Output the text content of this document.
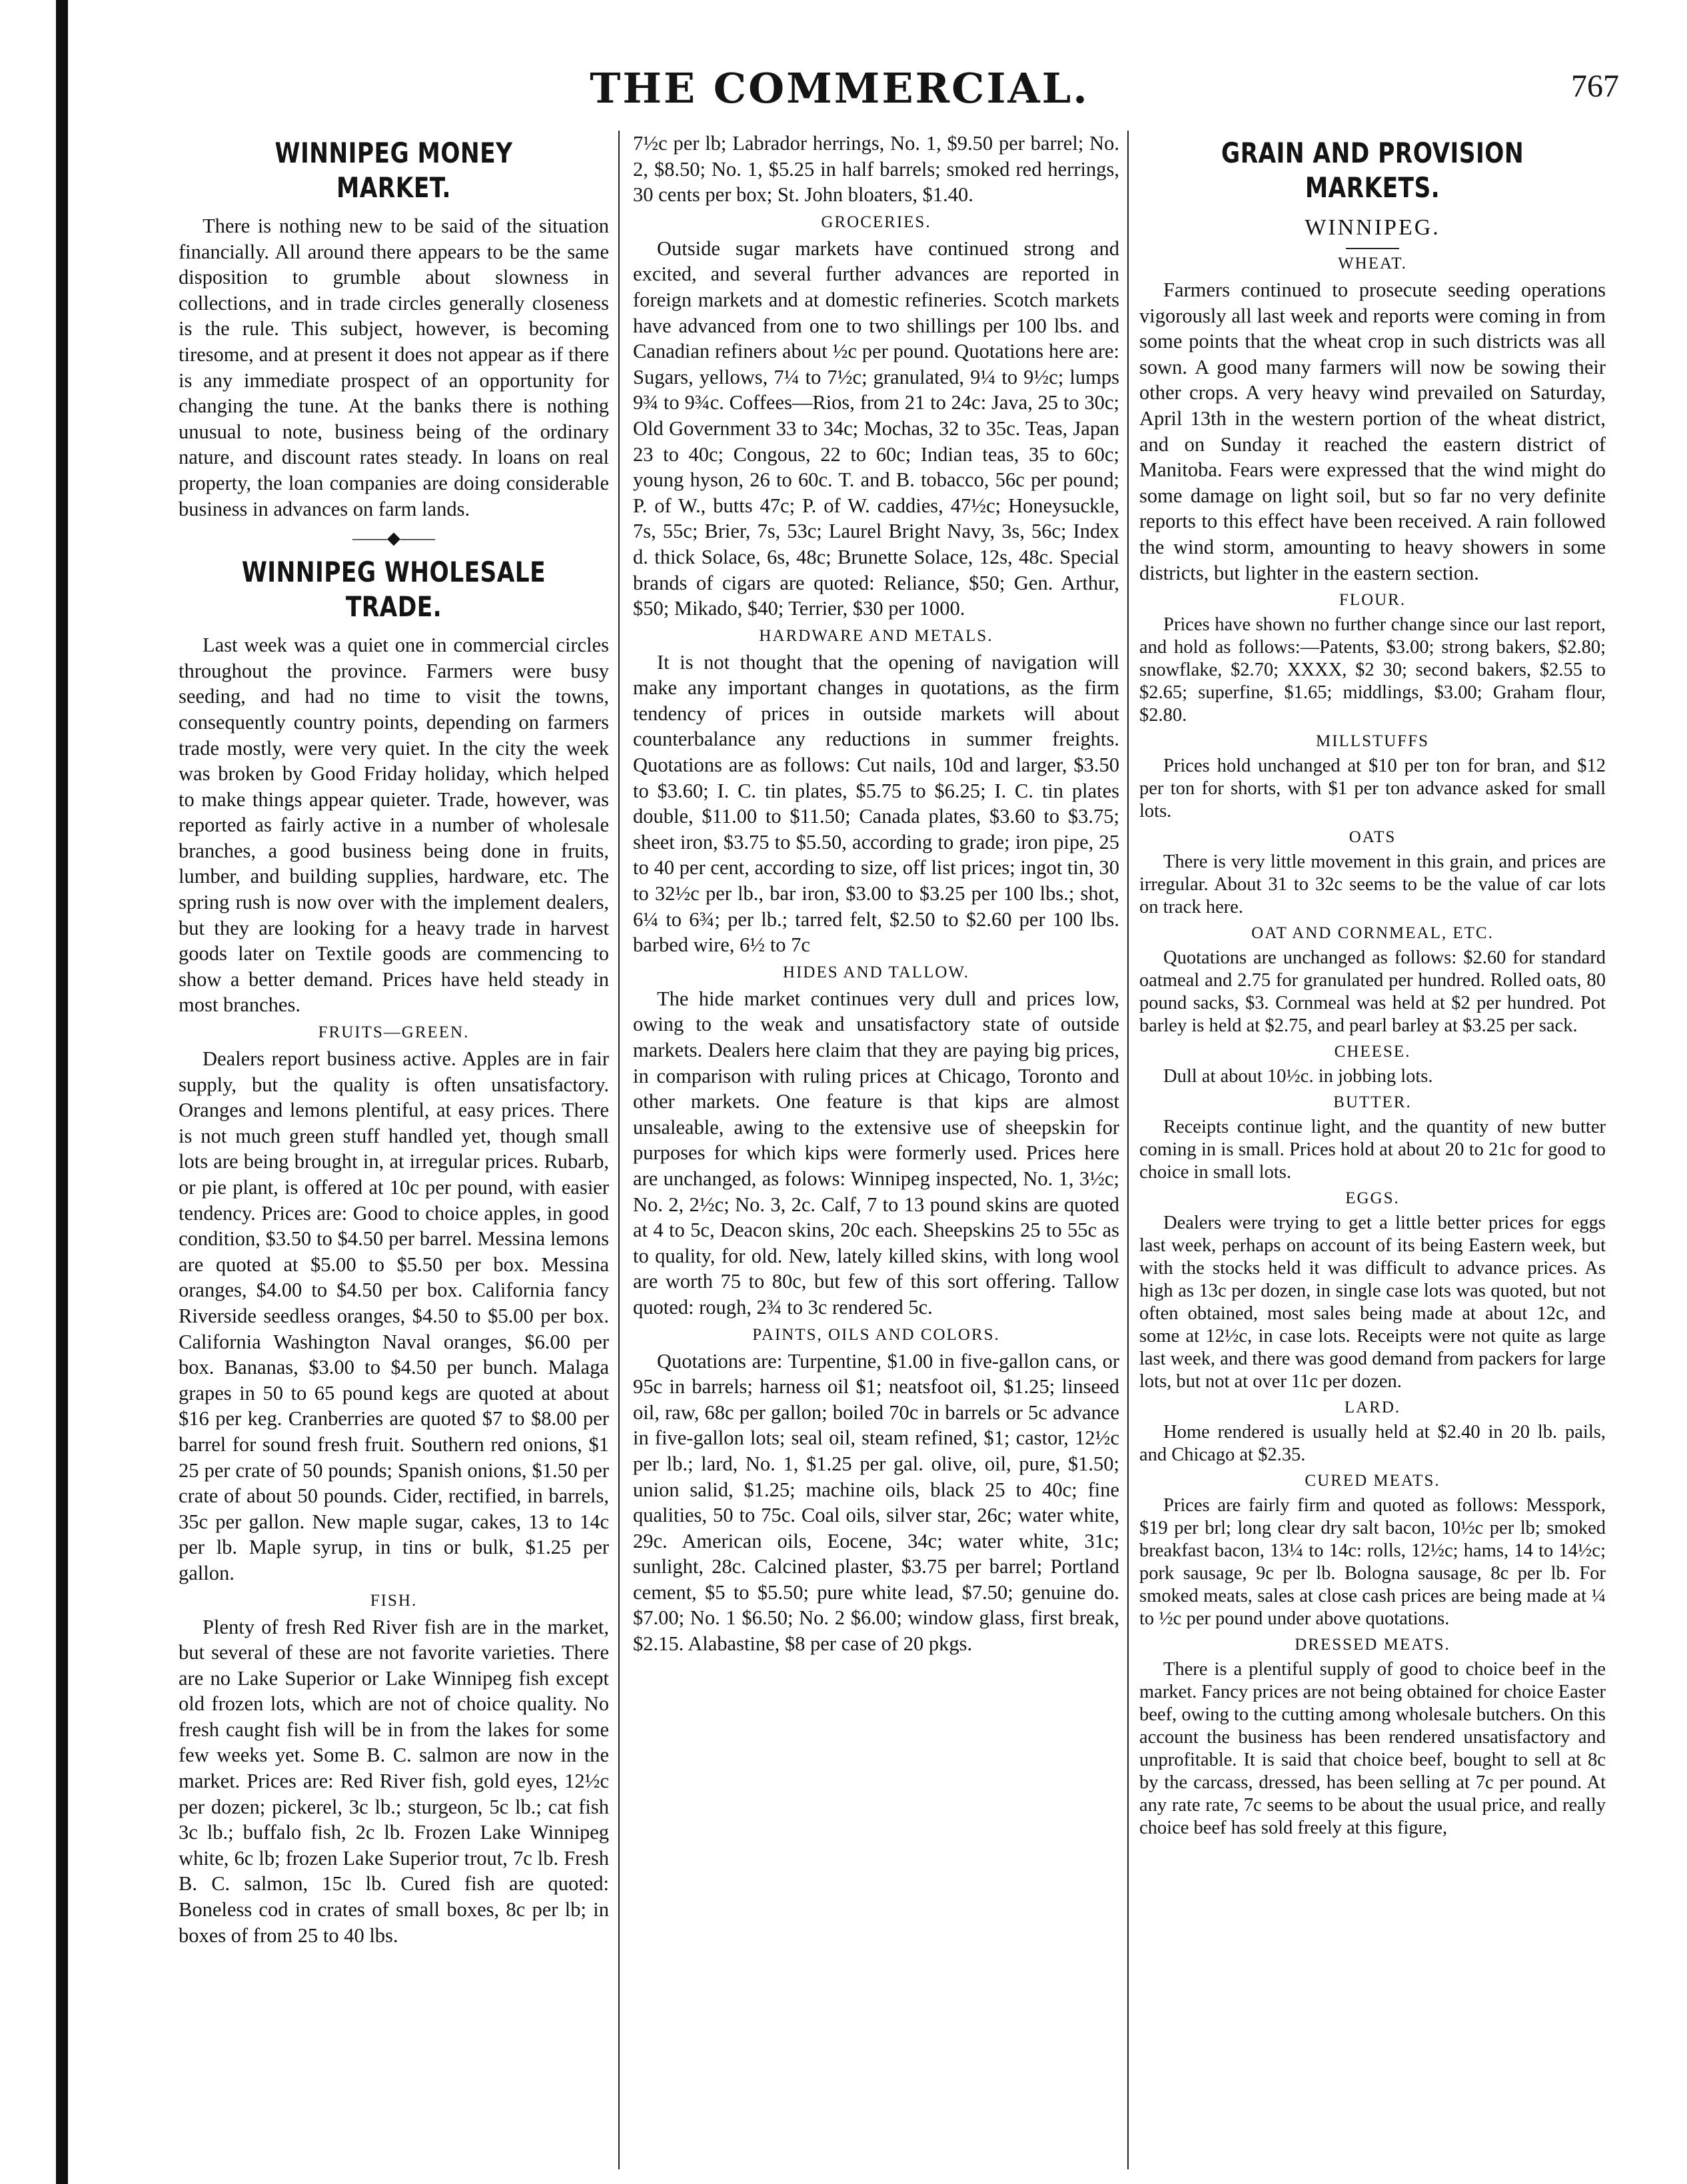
THE COMMERCIAL.	767
WINNIPEG MONEY MARKET.

There is nothing new to be said of the situation financially. All around there appears to be the same disposition to grumble about slowness in collections, and in trade circles generally closeness is the rule. This subject, however, is becoming tiresome, and at present it does not appear as if there is any immediate prospect of an opportunity for changing the tune. At the banks there is nothing unusual to note, business being of the ordinary nature, and discount rates steady. In loans on real property, the loan companies are doing considerable business in advances on farm lands.

——◆——
WINNIPEG WHOLESALE TRADE.

Last week was a quiet one in commercial circles throughout the province. Farmers were busy seeding, and had no time to visit the towns, consequently country points, depending on farmers trade mostly, were very quiet. In the city the week was broken by Good Friday holiday, which helped to make things appear quieter. Trade, however, was reported as fairly active in a number of wholesale branches, a good business being done in fruits, lumber, and building supplies, hardware, etc. The spring rush is now over with the implement dealers, but they are looking for a heavy trade in harvest goods later on Textile goods are commencing to show a better demand. Prices have held steady in most branches.

FRUITS—GREEN.

Dealers report business active. Apples are in fair supply, but the quality is often unsatisfactory. Oranges and lemons plentiful, at easy prices. There is not much green stuff handled yet, though small lots are being brought in, at irregular prices. Rubarb, or pie plant, is offered at 10c per pound, with easier tendency. Prices are: Good to choice apples, in good condition, $3.50 to $4.50 per barrel. Messina lemons are quoted at $5.00 to $5.50 per box. Messina oranges, $4.00 to $4.50 per box. California fancy Riverside seedless oranges, $4.50 to $5.00 per box. California Washington Naval oranges, $6.00 per box. Bananas, $3.00 to $4.50 per bunch. Malaga grapes in 50 to 65 pound kegs are quoted at about $16 per keg. Cranberries are quoted $7 to $8.00 per barrel for sound fresh fruit. Southern red onions, $1 25 per crate of 50 pounds; Spanish onions, $1.50 per crate of about 50 pounds. Cider, rectified, in barrels, 35c per gallon. New maple sugar, cakes, 13 to 14c per lb. Maple syrup, in tins or bulk, $1.25 per gallon.

FISH.

Plenty of fresh Red River fish are in the market, but several of these are not favorite varieties. There are no Lake Superior or Lake Winnipeg fish except old frozen lots, which are not of choice quality. No fresh caught fish will be in from the lakes for some few weeks yet. Some B. C. salmon are now in the market. Prices are: Red River fish, gold eyes, 12½c per dozen; pickerel, 3c lb.; sturgeon, 5c lb.; cat fish 3c lb.; buffalo fish, 2c lb. Frozen Lake Winnipeg white, 6c lb; frozen Lake Superior trout, 7c lb. Fresh B. C. salmon, 15c lb. Cured fish are quoted: Boneless cod in crates of small boxes, 8c per lb; in boxes of from 25 to 40 lbs.

7½c per lb; Labrador herrings, No. 1, $9.50 per barrel; No. 2, $8.50; No. 1, $5.25 in half barrels; smoked red herrings, 30 cents per box; St. John bloaters, $1.40.

GROCERIES.

Outside sugar markets have continued strong and excited, and several further advances are reported in foreign markets and at domestic refineries. Scotch markets have advanced from one to two shillings per 100 lbs. and Canadian refiners about ½c per pound. Quotations here are: Sugars, yellows, 7¼ to 7½c; granulated, 9¼ to 9½c; lumps 9¾ to 9¾c. Coffees—Rios, from 21 to 24c: Java, 25 to 30c; Old Government 33 to 34c; Mochas, 32 to 35c. Teas, Japan 23 to 40c; Congous, 22 to 60c; Indian teas, 35 to 60c; young hyson, 26 to 60c. T. and B. tobacco, 56c per pound; P. of W., butts 47c; P. of W. caddies, 47½c; Honeysuckle, 7s, 55c; Brier, 7s, 53c; Laurel Bright Navy, 3s, 56c; Index d. thick Solace, 6s, 48c; Brunette Solace, 12s, 48c. Special brands of cigars are quoted: Reliance, $50; Gen. Arthur, $50; Mikado, $40; Terrier, $30 per 1000.

HARDWARE AND METALS.

It is not thought that the opening of navigation will make any important changes in quotations, as the firm tendency of prices in outside markets will about counterbalance any reductions in summer freights. Quotations are as follows: Cut nails, 10d and larger, $3.50 to $3.60; I. C. tin plates, $5.75 to $6.25; I. C. tin plates double, $11.00 to $11.50; Canada plates, $3.60 to $3.75; sheet iron, $3.75 to $5.50, according to grade; iron pipe, 25 to 40 per cent, according to size, off list prices; ingot tin, 30 to 32½c per lb., bar iron, $3.00 to $3.25 per 100 lbs.; shot, 6¼ to 6¾; per lb.; tarred felt, $2.50 to $2.60 per 100 lbs. barbed wire, 6½ to 7c

HIDES AND TALLOW.

The hide market continues very dull and prices low, owing to the weak and unsatisfactory state of outside markets. Dealers here claim that they are paying big prices, in comparison with ruling prices at Chicago, Toronto and other markets. One feature is that kips are almost unsaleable, awing to the extensive use of sheepskin for purposes for which kips were formerly used. Prices here are unchanged, as folows: Winnipeg inspected, No. 1, 3½c; No. 2, 2½c; No. 3, 2c. Calf, 7 to 13 pound skins are quoted at 4 to 5c, Deacon skins, 20c each. Sheepskins 25 to 55c as to quality, for old. New, lately killed skins, with long wool are worth 75 to 80c, but few of this sort offering. Tallow quoted: rough, 2¾ to 3c rendered 5c.

PAINTS, OILS AND COLORS.

Quotations are: Turpentine, $1.00 in five-gallon cans, or 95c in barrels; harness oil $1; neatsfoot oil, $1.25; linseed oil, raw, 68c per gallon; boiled 70c in barrels or 5c advance in five-gallon lots; seal oil, steam refined, $1; castor, 12½c per lb.; lard, No. 1, $1.25 per gal. olive, oil, pure, $1.50; union salid, $1.25; machine oils, black 25 to 40c; fine qualities, 50 to 75c. Coal oils, silver star, 26c; water white, 29c. American oils, Eocene, 34c; water white, 31c; sunlight, 28c. Calcined plaster, $3.75 per barrel; Portland cement, $5 to $5.50; pure white lead, $7.50; genuine do. $7.00; No. 1 $6.50; No. 2 $6.00; window glass, first break, $2.15. Alabastine, $8 per case of 20 pkgs.

GRAIN AND PROVISION MARKETS.
WINNIPEG.
WHEAT.

Farmers continued to prosecute seeding operations vigorously all last week and reports were coming in from some points that the wheat crop in such districts was all sown. A good many farmers will now be sowing their other crops. A very heavy wind prevailed on Saturday, April 13th in the western portion of the wheat district, and on Sunday it reached the eastern district of Manitoba. Fears were expressed that the wind might do some damage on light soil, but so far no very definite reports to this effect have been received. A rain followed the wind storm, amounting to heavy showers in some districts, but lighter in the eastern section.

FLOUR.

Prices have shown no further change since our last report, and hold as follows:—Patents, $3.00; strong bakers, $2.80; snowflake, $2.70; XXXX, $2 30; second bakers, $2.55 to $2.65; superfine, $1.65; middlings, $3.00; Graham flour, $2.80.

MILLSTUFFS

Prices hold unchanged at $10 per ton for bran, and $12 per ton for shorts, with $1 per ton advance asked for small lots.

OATS

There is very little movement in this grain, and prices are irregular. About 31 to 32c seems to be the value of car lots on track here.

OAT AND CORNMEAL, ETC.

Quotations are unchanged as follows: $2.60 for standard oatmeal and 2.75 for granulated per hundred. Rolled oats, 80 pound sacks, $3. Cornmeal was held at $2 per hundred. Pot barley is held at $2.75, and pearl barley at $3.25 per sack.

CHEESE.

Dull at about 10½c. in jobbing lots.

BUTTER.

Receipts continue light, and the quantity of new butter coming in is small. Prices hold at about 20 to 21c for good to choice in small lots.

EGGS.

Dealers were trying to get a little better prices for eggs last week, perhaps on account of its being Eastern week, but with the stocks held it was difficult to advance prices. As high as 13c per dozen, in single case lots was quoted, but not often obtained, most sales being made at about 12c, and some at 12½c, in case lots. Receipts were not quite as large last week, and there was good demand from packers for large lots, but not at over 11c per dozen.

LARD.

Home rendered is usually held at $2.40 in 20 lb. pails, and Chicago at $2.35.

CURED MEATS.

Prices are fairly firm and quoted as follows: Messpork, $19 per brl; long clear dry salt bacon, 10½c per lb; smoked breakfast bacon, 13¼ to 14c: rolls, 12½c; hams, 14 to 14½c; pork sausage, 9c per lb. Bologna sausage, 8c per lb. For smoked meats, sales at close cash prices are being made at ¼ to ½c per pound under above quotations.

DRESSED MEATS.

There is a plentiful supply of good to choice beef in the market. Fancy prices are not being obtained for choice Easter beef, owing to the cutting among wholesale butchers. On this account the business has been rendered unsatisfactory and unprofitable. It is said that choice beef, bought to sell at 8c by the carcass, dressed, has been selling at 7c per pound. At any rate rate, 7c seems to be about the usual price, and really choice beef has sold freely at this figure,
